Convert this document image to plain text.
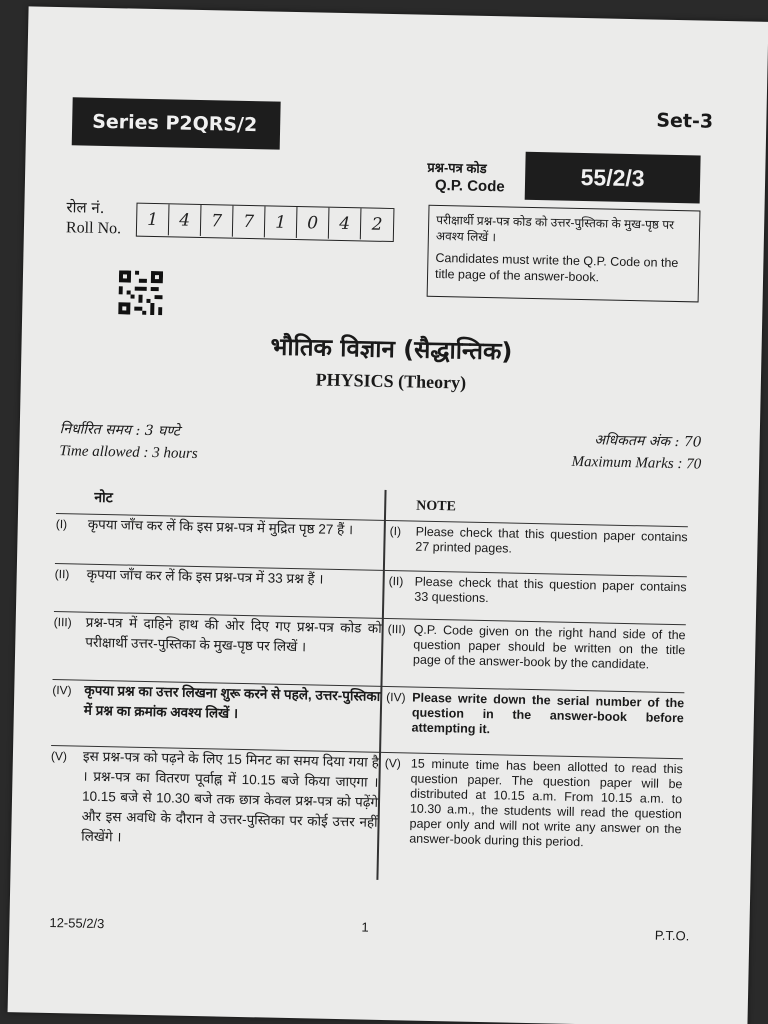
Series P2QRS/2	Set-3
प्रश्न-पत्र कोड
Q.P. Code	55/2/3
रोल नं.
Roll No.	1	4	7	7	1	0	4	2	परीक्षार्थी प्रश्न-पत्र कोड को उत्तर-पुस्तिका के मुख-पृष्ठ पर अवश्य लिखें ।
Candidates must write the Q.P. Code on the title page of the answer-book.
भौतिक विज्ञान (सैद्धान्तिक)
PHYSICS (Theory)
निर्धारित समय : 3 घण्टे
Time allowed : 3 hours
अधिकतम अंक : 70
Maximum Marks : 70
नोट
NOTE
(I)	कृपया जाँच कर लें कि इस प्रश्न-पत्र में मुद्रित पृष्ठ 27 हैं ।	(I)	Please check that this question paper contains 27 printed pages.
(II)	कृपया जाँच कर लें कि इस प्रश्न-पत्र में 33 प्रश्न हैं ।	(II) Please check that this question paper contains 33 questions.
(III)	प्रश्न-पत्र में दाहिने हाथ की ओर दिए गए प्रश्न-पत्र कोड को परीक्षार्थी उत्तर-पुस्तिका के मुख-पृष्ठ पर लिखें ।
(III) Q.P. Code given on the right hand side of the question paper should be written on the title page of the answer-book by the candidate.
(IV) कृपया प्रश्न का उत्तर लिखना शुरू करने से पहले, उत्तर-पुस्तिका में प्रश्न का क्रमांक अवश्य लिखें ।
(IV) Please write down the serial number of the question in the answer-book before attempting it.
(V)	इस प्रश्न-पत्र को पढ़ने के लिए 15 मिनट का समय दिया गया है । प्रश्न-पत्र का वितरण पूर्वाह्न में 10.15 बजे किया जाएगा । 10.15 बजे से 10.30 बजे तक छात्र केवल प्रश्न-पत्र को पढ़ेंगे और इस अवधि के दौरान वे उत्तर-पुस्तिका पर कोई उत्तर नहीं लिखेंगे ।
(V) 15 minute time has been allotted to read this question paper. The question paper will be distributed at 10.15 a.m. From 10.15 a.m. to 10.30 a.m., the students will read the question paper only and will not write any answer on the answer-book during this period.
12-55/2/3	1
P.T.O.
